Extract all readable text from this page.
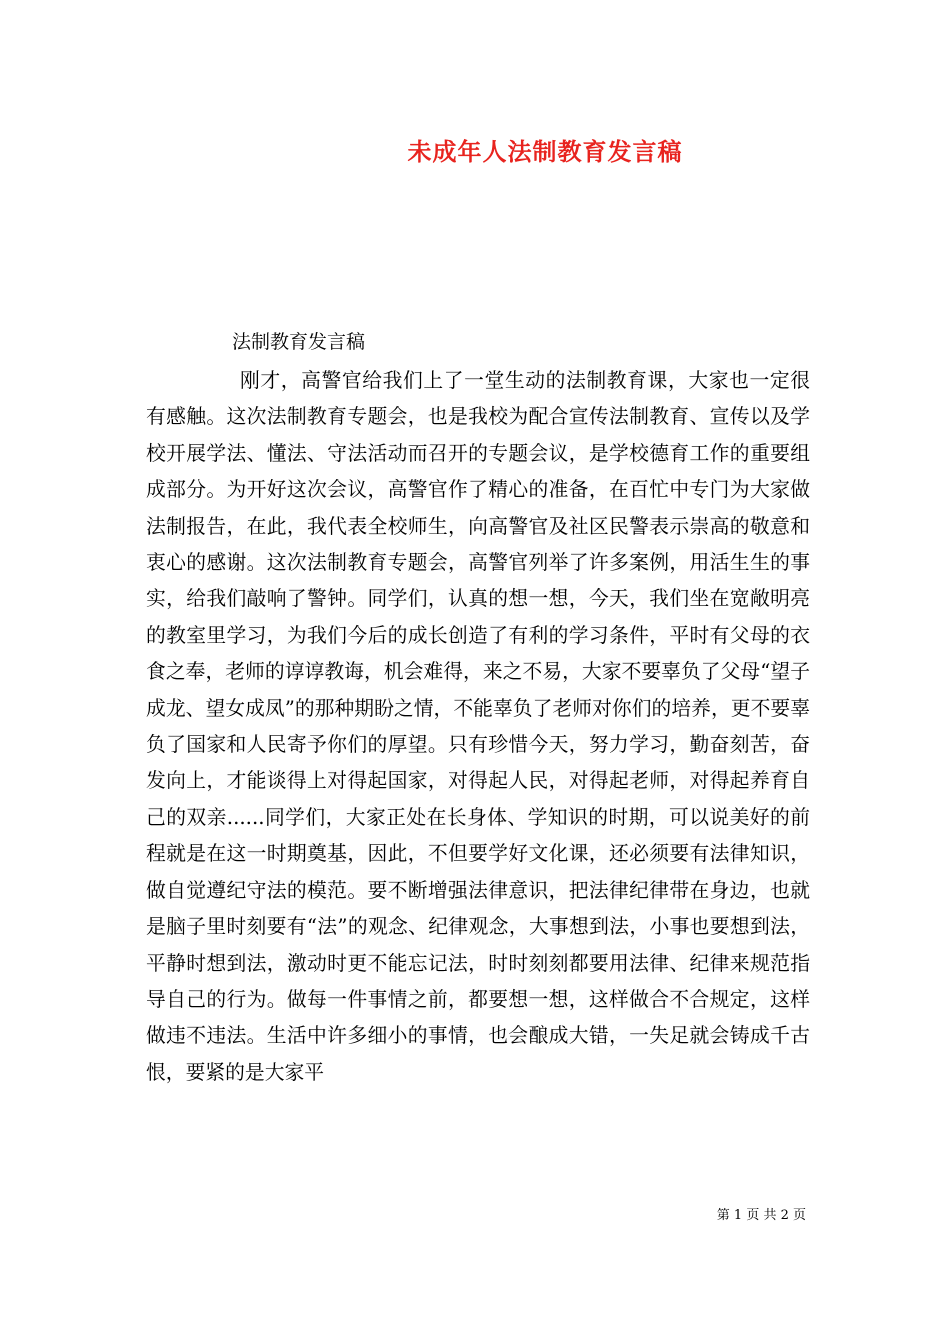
未成年人法制教育发言稿
法制教育发言稿

刚才，高警官给我们上了一堂生动的法制教育课，大家也一定很有感触。这次法制教育专题会，也是我校为配合宣传法制教育、宣传以及学校开展学法、懂法、守法活动而召开的专题会议，是学校德育工作的重要组成部分。为开好这次会议，高警官作了精心的准备，在百忙中专门为大家做法制报告，在此，我代表全校师生，向高警官及社区民警表示崇高的敬意和衷心的感谢。这次法制教育专题会，高警官列举了许多案例，用活生生的事实，给我们敲响了警钟。同学们，认真的想一想，今天，我们坐在宽敞明亮的教室里学习，为我们今后的成长创造了有利的学习条件，平时有父母的衣食之奉，老师的谆谆教诲，机会难得，来之不易，大家不要辜负了父母“望子成龙、望女成凤”的那种期盼之情，不能辜负了老师对你们的培养，更不要辜负了国家和人民寄予你们的厚望。只有珍惜今天，努力学习，勤奋刻苦，奋发向上，才能谈得上对得起国家，对得起人民，对得起老师，对得起养育自己的双亲......同学们，大家正处在长身体、学知识的时期，可以说美好的前程就是在这一时期奠基，因此，不但要学好文化课，还必须要有法律知识，做自觉遵纪守法的模范。要不断增强法律意识，把法律纪律带在身边，也就是脑子里时刻要有“法”的观念、纪律观念，大事想到法，小事也要想到法，平静时想到法，激动时更不能忘记法，时时刻刻都要用法律、纪律来规范指导自己的行为。做每一件事情之前，都要想一想，这样做合不合规定，这样做违不违法。生活中许多细小的事情，也会酿成大错，一失足就会铸成千古恨，要紧的是大家平

第 1 页 共 2 页
